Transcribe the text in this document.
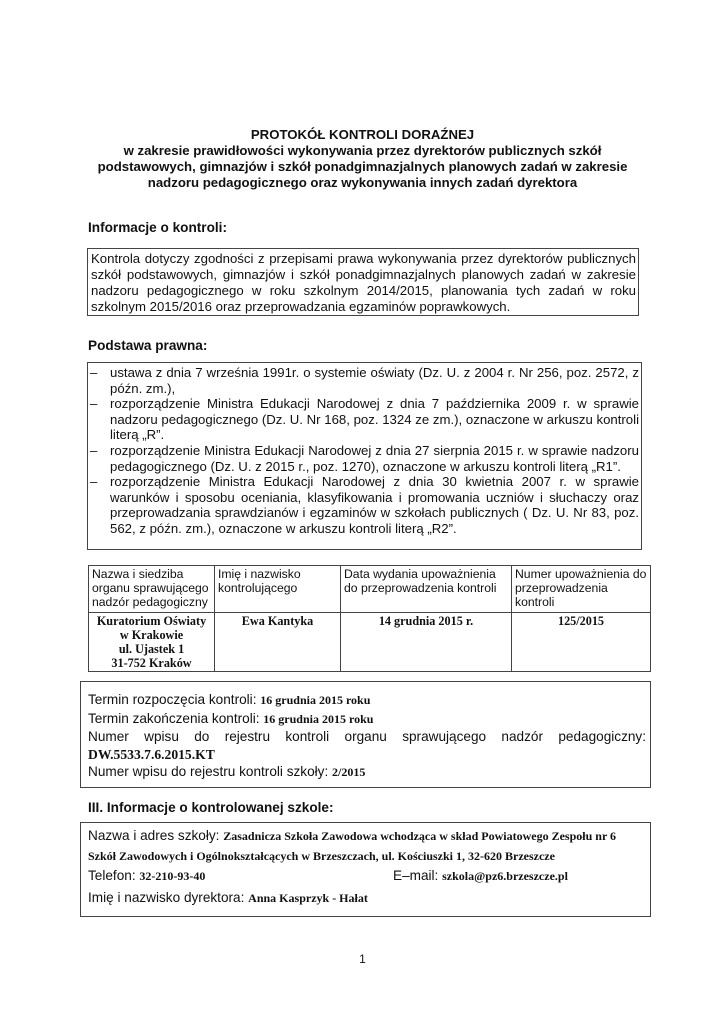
PROTOKÓŁ KONTROLI DORAŹNEJ
w zakresie prawidłowości wykonywania przez dyrektorów publicznych szkół
podstawowych, gimnazjów i szkół ponadgimnazjalnych planowych zadań w zakresie
nadzoru pedagogicznego oraz wykonywania innych zadań dyrektora
Informacje o kontroli:
Kontrola dotyczy zgodności z przepisami prawa wykonywania przez dyrektorów publicznych szkół podstawowych, gimnazjów i szkół ponadgimnazjalnych planowych zadań w zakresie nadzoru pedagogicznego w roku szkolnym 2014/2015, planowania tych zadań w roku szkolnym 2015/2016 oraz przeprowadzania egzaminów poprawkowych.
Podstawa prawna:
– ustawa z dnia 7 września 1991r. o systemie oświaty (Dz. U. z 2004 r. Nr 256, poz. 2572, z późn. zm.),
– rozporządzenie Ministra Edukacji Narodowej z dnia 7 października 2009 r. w sprawie nadzoru pedagogicznego (Dz. U. Nr 168, poz. 1324 ze zm.), oznaczone w arkuszu kontroli literą „R”.
– rozporządzenie Ministra Edukacji Narodowej z dnia 27 sierpnia 2015 r. w sprawie nadzoru pedagogicznego (Dz. U. z 2015 r., poz. 1270), oznaczone w arkuszu kontroli literą „R1”.
– rozporządzenie Ministra Edukacji Narodowej z dnia 30 kwietnia 2007 r. w sprawie warunków i sposobu oceniania, klasyfikowania i promowania uczniów i słuchaczy oraz przeprowadzania sprawdzianów i egzaminów w szkołach publicznych ( Dz. U. Nr 83, poz. 562, z późn. zm.), oznaczone w arkuszu kontroli literą „R2”.
Nazwa i siedziba organu sprawującego nadzór pedagogiczny	Imię i nazwisko kontrolującego	Data wydania upoważnienia do przeprowadzenia kontroli	Numer upoważnienia do przeprowadzenia kontroli

Kuratorium Oświaty
w Krakowie
ul. Ujastek 1
31-752 Kraków	Ewa Kantyka	14 grudnia 2015 r.	125/2015
Termin rozpoczęcia kontroli: 16 grudnia 2015 roku
Termin zakończenia kontroli: 16 grudnia 2015 roku
Numer wpisu do rejestru kontroli organu sprawującego nadzór pedagogiczny:
DW.5533.7.6.2015.KT
Numer wpisu do rejestru kontroli szkoły: 2/2015
III. Informacje o kontrolowanej szkole:
Nazwa i adres szkoły: Zasadnicza Szkoła Zawodowa wchodząca w skład Powiatowego Zespołu nr 6
Szkół Zawodowych i Ogólnokształcących w Brzeszczach, ul. Kościuszki 1, 32-620 Brzeszcze
Telefon: 32-210-93-40	E–mail: szkola@pz6.brzeszcze.pl
Imię i nazwisko dyrektora: Anna Kasprzyk - Hałat
1
